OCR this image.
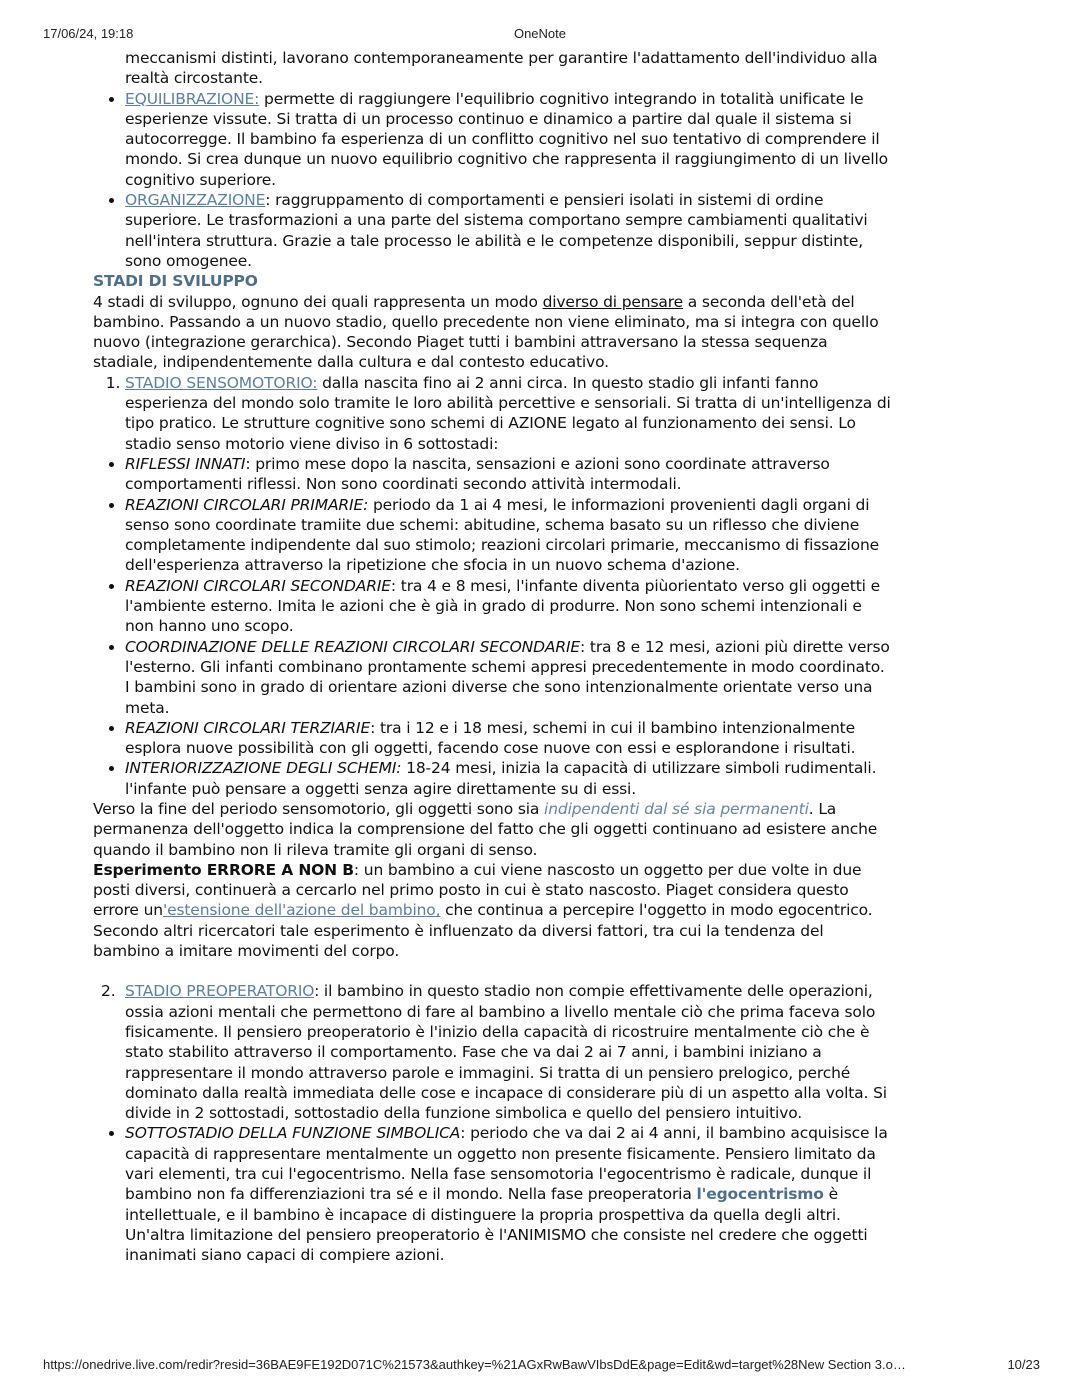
17/06/24, 19:18	OneNote

meccanismi distinti, lavorano contemporaneamente per garantire l'adattamento dell'individuo alla realtà circostante.

• EQUILIBRAZIONE: permette di raggiungere l'equilibrio cognitivo integrando in totalità unificate le esperienze vissute. Si tratta di un processo continuo e dinamico a partire dal quale il sistema si autocorregge. Il bambino fa esperienza di un conflitto cognitivo nel suo tentativo di comprendere il mondo. Si crea dunque un nuovo equilibrio cognitivo che rappresenta il raggiungimento di un livello cognitivo superiore.
• ORGANIZZAZIONE: raggruppamento di comportamenti e pensieri isolati in sistemi di ordine superiore. Le trasformazioni a una parte del sistema comportano sempre cambiamenti qualitativi nell'intera struttura. Grazie a tale processo le abilità e le competenze disponibili, seppur distinte, sono omogenee.

STADI DI SVILUPPO

4 stadi di sviluppo, ognuno dei quali rappresenta un modo diverso di pensare a seconda dell'età del bambino. Passando a un nuovo stadio, quello precedente non viene eliminato, ma si integra con quello nuovo (integrazione gerarchica). Secondo Piaget tutti i bambini attraversano la stessa sequenza stadiale, indipendentemente dalla cultura e dal contesto educativo.

1. STADIO SENSOMOTORIO: dalla nascita fino ai 2 anni circa. In questo stadio gli infanti fanno esperienza del mondo solo tramite le loro abilità percettive e sensoriali. Si tratta di un'intelligenza di tipo pratico. Le strutture cognitive sono schemi di AZIONE legato al funzionamento dei sensi. Lo stadio senso motorio viene diviso in 6 sottostadi:
• RIFLESSI INNATI: primo mese dopo la nascita, sensazioni e azioni sono coordinate attraverso comportamenti riflessi. Non sono coordinati secondo attività intermodali.
• REAZIONI CIRCOLARI PRIMARIE: periodo da 1 ai 4 mesi, le informazioni provenienti dagli organi di senso sono coordinate tramiite due schemi: abitudine, schema basato su un riflesso che diviene completamente indipendente dal suo stimolo; reazioni circolari primarie, meccanismo di fissazione dell'esperienza attraverso la ripetizione che sfocia in un nuovo schema d'azione.
• REAZIONI CIRCOLARI SECONDARIE: tra 4 e 8 mesi, l'infante diventa piùorientato verso gli oggetti e l'ambiente esterno. Imita le azioni che è già in grado di produrre. Non sono schemi intenzionali e non hanno uno scopo.
• COORDINAZIONE DELLE REAZIONI CIRCOLARI SECONDARIE: tra 8 e 12 mesi, azioni più dirette verso l'esterno. Gli infanti combinano prontamente schemi appresi precedentemente in modo coordinato. I bambini sono in grado di orientare azioni diverse che sono intenzionalmente orientate verso una meta.
• REAZIONI CIRCOLARI TERZIARIE: tra i 12 e i 18 mesi, schemi in cui il bambino intenzionalmente esplora nuove possibilità con gli oggetti, facendo cose nuove con essi e esplorandone i risultati.
• INTERIORIZZAZIONE DEGLI SCHEMI: 18-24 mesi, inizia la capacità di utilizzare simboli rudimentali. l'infante può pensare a oggetti senza agire direttamente su di essi.

Verso la fine del periodo sensomotorio, gli oggetti sono sia indipendenti dal sé sia permanenti. La permanenza dell'oggetto indica la comprensione del fatto che gli oggetti continuano ad esistere anche quando il bambino non li rileva tramite gli organi di senso.

Esperimento ERRORE A NON B: un bambino a cui viene nascosto un oggetto per due volte in due posti diversi, continuerà a cercarlo nel primo posto in cui è stato nascosto. Piaget considera questo errore un'estensione dell'azione del bambino, che continua a percepire l'oggetto in modo egocentrico. Secondo altri ricercatori tale esperimento è influenzato da diversi fattori, tra cui la tendenza del bambino a imitare movimenti del corpo.

2. STADIO PREOPERATORIO: il bambino in questo stadio non compie effettivamente delle operazioni, ossia azioni mentali che permettono di fare al bambino a livello mentale ciò che prima faceva solo fisicamente. Il pensiero preoperatorio è l'inizio della capacità di ricostruire mentalmente ciò che è stato stabilito attraverso il comportamento. Fase che va dai 2 ai 7 anni, i bambini iniziano a rappresentare il mondo attraverso parole e immagini. Si tratta di un pensiero prelogico, perché dominato dalla realtà immediata delle cose e incapace di considerare più di un aspetto alla volta. Si divide in 2 sottostadi, sottostadio della funzione simbolica e quello del pensiero intuitivo.
• SOTTOSTADIO DELLA FUNZIONE SIMBOLICA: periodo che va dai 2 ai 4 anni, il bambino acquisisce la capacità di rappresentare mentalmente un oggetto non presente fisicamente. Pensiero limitato da vari elementi, tra cui l'egocentrismo. Nella fase sensomotoria l'egocentrismo è radicale, dunque il bambino non fa differenziazioni tra sé e il mondo. Nella fase preoperatoria l'egocentrismo è intellettuale, e il bambino è incapace di distinguere la propria prospettiva da quella degli altri. Un'altra limitazione del pensiero preoperatorio è l'ANIMISMO che consiste nel credere che oggetti inanimati siano capaci di compiere azioni.
https://onedrive.live.com/redir?resid=36BAE9FE192D071C%21573&authkey=%21AGxRwBawVIbsDdE&page=Edit&wd=target%28New Section 3.o…	10/23
